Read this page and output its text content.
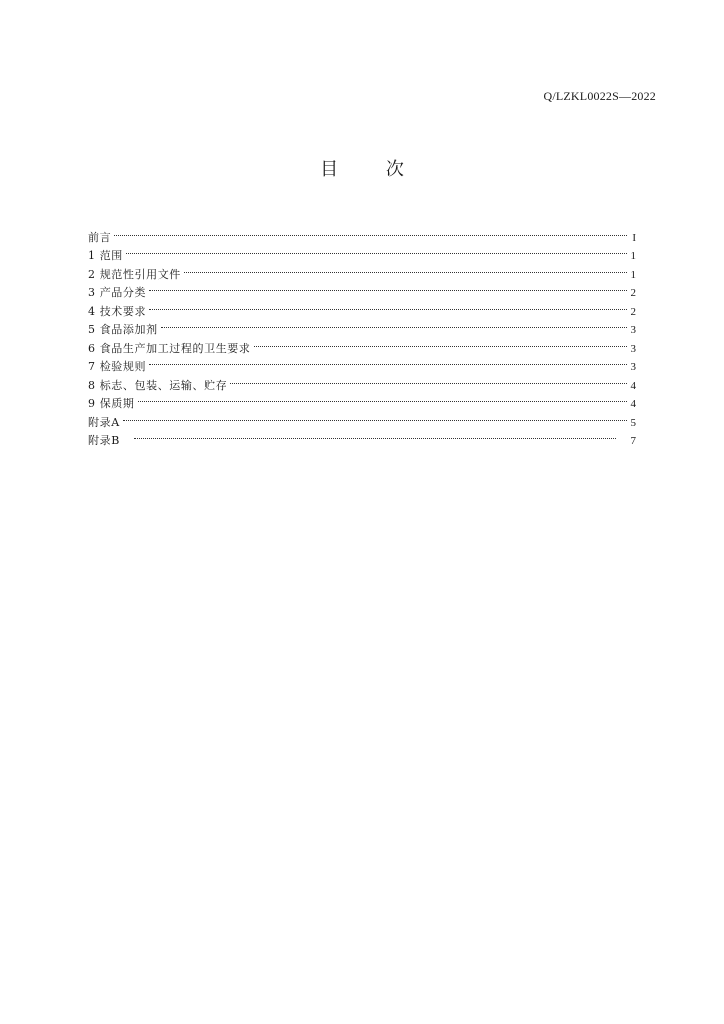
Q/LZKL0022S—2022
目 次
前言	I
1 范围	1
2 规范性引用文件	1
3 产品分类	2
4 技术要求	2
5 食品添加剂	3
6 食品生产加工过程的卫生要求	3
7 检验规则	3
8 标志、包装、运输、贮存	4
9 保质期	4
附录A	5
附录B	7
